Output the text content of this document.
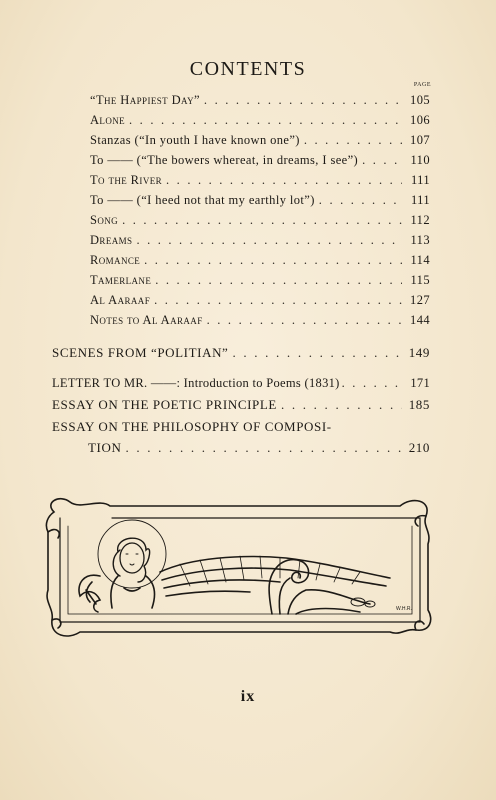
CONTENTS
PAGE
“The Happiest Day” . . .	105
Alone . . .	106
Stanzas (“In youth I have known one”) . . .	107
To —— (“The bowers whereat, in dreams, I see”) . . .	110
To the River . . .	111
To —— (“I heed not that my earthly lot”) . . .	111
Song . . .	112
Dreams . . .	113
Romance . . .	114
Tamerlane . . .	115
Al Aaraaf . . .	127
Notes to Al Aaraaf . . .	144
SCENES FROM “POLITIAN” . . .	149
LETTER TO MR. ——: Introduction to Poems (1831) . . .	171
ESSAY ON THE POETIC PRINCIPLE . . .	185
ESSAY ON THE PHILOSOPHY OF COMPOSI-
TION . . .	210
W.H.R.
ix
